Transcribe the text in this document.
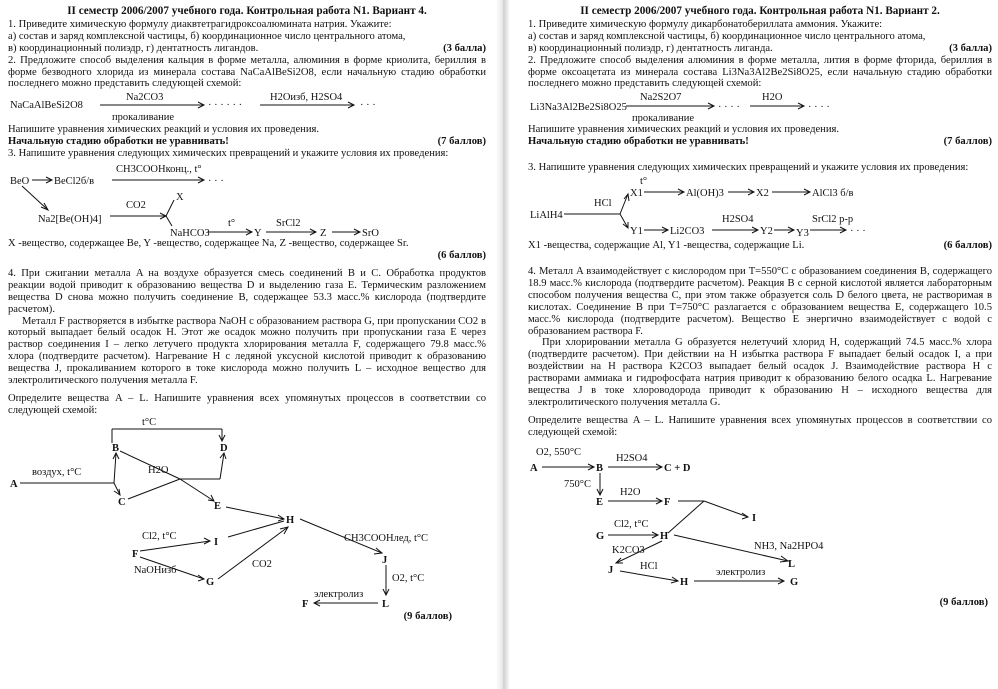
II семестр 2006/2007 учебного года. Контрольная работа N1. Вариант 4.

1. Приведите химическую формулу диаквтетрагидроксоалюмината натрия. Укажите:

а) состав и заряд комплексной частицы, б) координационное число центрального атома,

в) координационный полиэдр, г) дентатность лигандов.	(3 балла)

2. Предложите способ выделения кальция в форме металла, алюминия в форме криолита, бериллия в форме безводного хлорида из минерала состава NaCaAlBeSi2O8, если начальную стадию обработки последнего можно представить следующей схемой:

NaCaAlBeSi2O8
Na2CO3
прокаливание
· · · · · ·
H2Oизб, H2SO4
· · ·

Напишите уравнения химических реакций и условия их проведения.

Начальную стадию обработки не уравнивать!	(7 баллов)

3. Напишите уравнения следующих химических превращений и укажите условия их проведения:

BeO BeCl2б/в
CH3COOHконц., t°
· · ·
Na2[Be(OH)4]
CO2
X
NaHCO3
t°
Y
SrCl2
Z	SrO

X -вещество, содержащее Be, Y -вещество, содержащее Na, Z -вещество, содержащее Sr.

(6 баллов)

4. При сжигании металла A на воздухе образуется смесь соединений B и C. Обработка продуктов реакции водой приводит к образованию вещества D и выделению газа E. Термическим разложением вещества D снова можно получить соединение B, содержащее 53.3 масс.% кислорода (подтвердите расчетом).

Металл F растворяется в избытке раствора NaOH с образованием раствора G, при пропускании CO2 в который выпадает белый осадок H. Этот же осадок можно получить при пропускании газа E через раствор соединения I – легко летучего продукта хлорирования металла F, содержащего 79.8 масс.% хлора (подтвердите расчетом). Нагревание H с ледяной уксусной кислотой приводит к образованию вещества J, прокаливанием которого в токе кислорода можно получить L – исходное вещество для электролитического получения металла F.

Определите вещества A – L. Напишите уравнения всех упомянутых процессов в соответствии со следующей схемой:

A
воздух, t°C
B
C
t°C
D
H2O
E
H
I
F
Cl2, t°C
NaOHизб
G
CO2
CH3COOHлед, t°C
J
O2, t°C
L
электролиз
F
(9 баллов)
II семестр 2006/2007 учебного года. Контрольная работа N1. Вариант 2.

1. Приведите химическую формулу дикарбонатобериллата аммония. Укажите:

а) состав и заряд комплексной частицы, б) координационное число центрального атома,

в) координационный полиэдр, г) дентатность лиганда.	(3 балла)

2. Предложите способ выделения алюминия в форме металла, лития в форме фторида, бериллия в форме оксоацетата из минерала состава Li3Na3Al2Be2Si8O25, если начальную стадию обработки последнего можно представить следующей схемой:

Li3Na3Al2Be2Si8O25
Na2S2O7
прокаливание
· · · ·
H2O
· · · ·

Напишите уравнения химических реакций и условия их проведения.

Начальную стадию обработки не уравнивать!	(7 баллов)

3. Напишите уравнения следующих химических превращений и укажите условия их проведения:

LiAlH4
HCl
t°
X1	Al(OH)3	X2	AlCl3 б/в
Y1	Li2CO3
H2SO4
Y2 Y3
SrCl2 р-р
· · ·
X1 -вещества, содержащие Al, Y1 -вещества, содержащие Li.	(6 баллов)

4. Металл A взаимодействует с кислородом при T=550°C с образованием соединения B, содержащего 18.9 масс.% кислорода (подтвердите расчетом). Реакция B с серной кислотой является лабораторным способом получения вещества C, при этом также образуется соль D белого цвета, не растворимая в кислотах. Соединение B при T=750°C разлагается с образованием вещества E, содержащего 10.5 масс.% кислорода (подтвердите расчетом). Вещество E энергично взаимодействует с водой с образованием раствора F.

При хлорировании металла G образуется нелетучий хлорид H, содержащий 74.5 масс.% хлора (подтвердите расчетом). При действии на H избытка раствора F выпадает белый осадок I, а при воздействии на H раствора K2CO3 выпадает белый осадок J. Взаимодействие раствора H с растворами аммиака и гидрофосфата натрия приводит к образованию белого осадка L. Нагревание вещества J в токе хлороводорода приводит к образованию H – исходного вещества для электролитического получения металла G.

Определите вещества A – L. Напишите уравнения всех упомянутых процессов в соответствии со следующей схемой:

O2, 550°C
A	B
H2SO4
C + D
750°C
E
H2O
F
I
G
Cl2, t°C
H
NH3, Na2HPO4
L
K2CO3
J	HCl
H
электролиз
G
(9 баллов)
